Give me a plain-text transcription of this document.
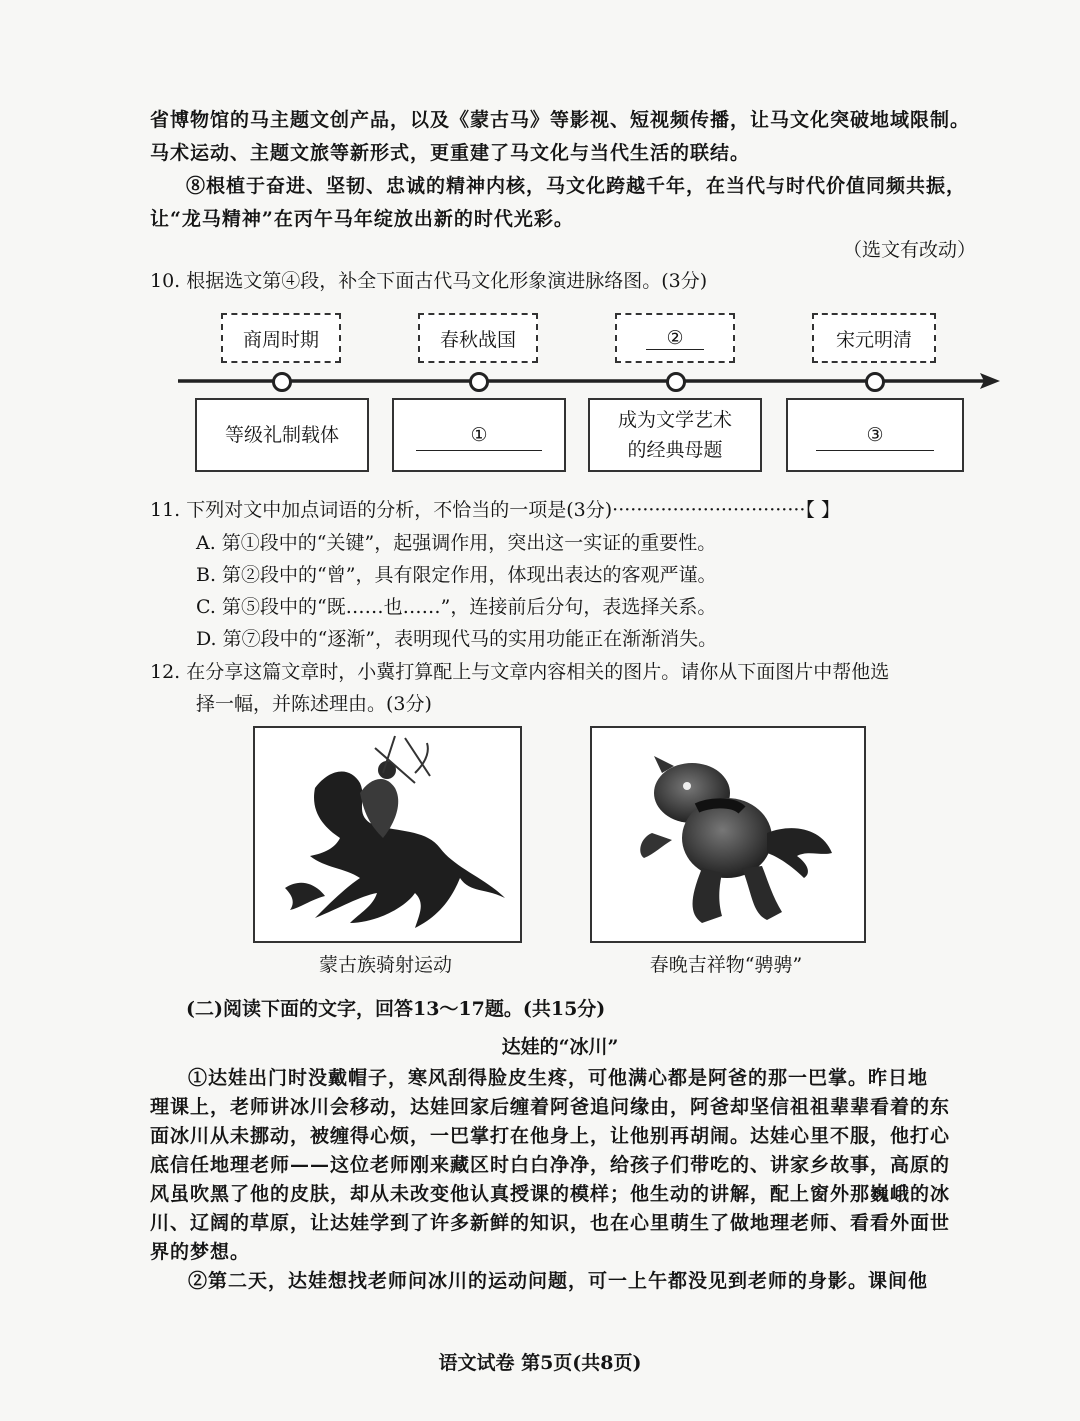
省博物馆的马主题文创产品，以及《蒙古马》等影视、短视频传播，让马文化突破地域限制。
马术运动、主题文旅等新形式，更重建了马文化与当代生活的联结。
⑧根植于奋进、坚韧、忠诚的精神内核，马文化跨越千年，在当代与时代价值同频共振，
让“龙马精神”在丙午马年绽放出新的时代光彩。
（选文有改动）
10. 根据选文第④段，补全下面古代马文化形象演进脉络图。(3分)
商周时期	春秋战国	②	宋元明清
等级礼制载体	①
成为文学艺术
的经典母题
③
11. 下列对文中加点词语的分析，不恰当的一项是(3分)································【 】
A. 第①段中的“关键”，起强调作用，突出这一实证的重要性。
B. 第②段中的“曾”，具有限定作用，体现出表达的客观严谨。
C. 第⑤段中的“既……也……”，连接前后分句，表选择关系。
D. 第⑦段中的“逐渐”，表明现代马的实用功能正在渐渐消失。
12. 在分享这篇文章时，小冀打算配上与文章内容相关的图片。请你从下面图片中帮他选
择一幅，并陈述理由。(3分)
蒙古族骑射运动	春晚吉祥物“骋骋”
(二)阅读下面的文字，回答13～17题。(共15分)
达娃的“冰川”
①达娃出门时没戴帽子，寒风刮得脸皮生疼，可他满心都是阿爸的那一巴掌。昨日地
理课上，老师讲冰川会移动，达娃回家后缠着阿爸追问缘由，阿爸却坚信祖祖辈辈看着的东
面冰川从未挪动，被缠得心烦，一巴掌打在他身上，让他别再胡闹。达娃心里不服，他打心
底信任地理老师——这位老师刚来藏区时白白净净，给孩子们带吃的、讲家乡故事，高原的
风虽吹黑了他的皮肤，却从未改变他认真授课的模样；他生动的讲解，配上窗外那巍峨的冰
川、辽阔的草原，让达娃学到了许多新鲜的知识，也在心里萌生了做地理老师、看看外面世
界的梦想。
②第二天，达娃想找老师问冰川的运动问题，可一上午都没见到老师的身影。课间他
语文试卷 第5页(共8页)
